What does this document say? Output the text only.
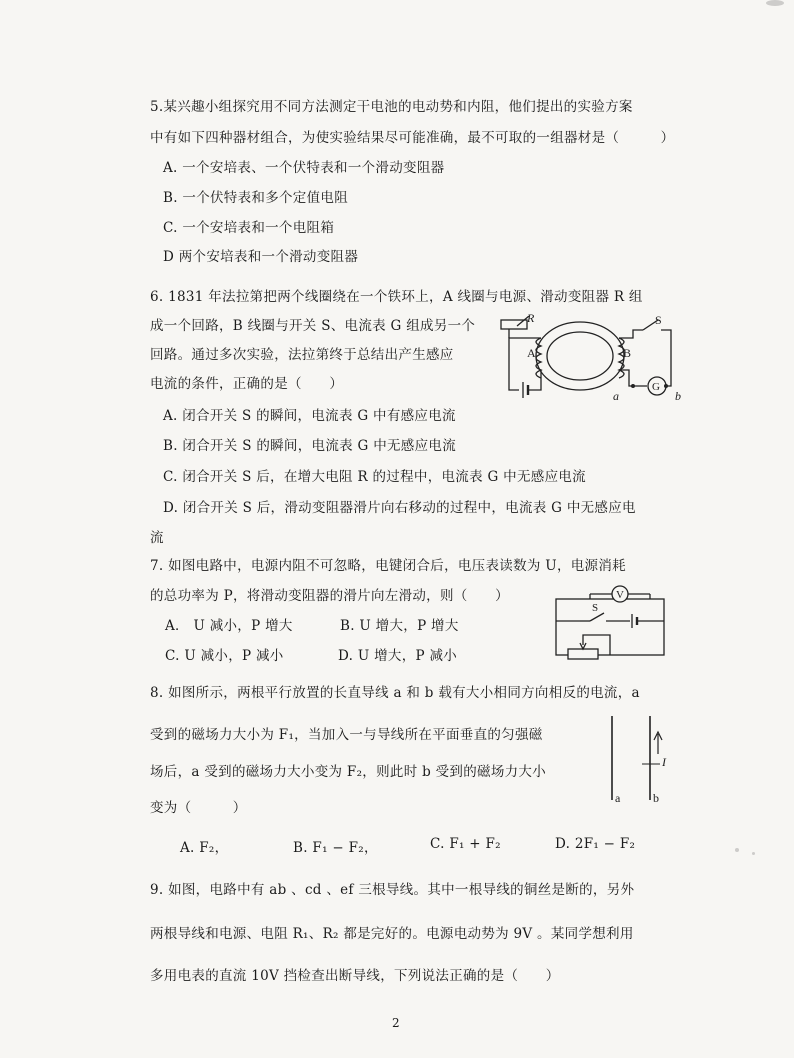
5.某兴趣小组探究用不同方法测定干电池的电动势和内阻，他们提出的实验方案
中有如下四种器材组合，为使实验结果尽可能准确，最不可取的一组器材是（　　　）
A. 一个安培表、一个伏特表和一个滑动变阻器
B. 一个伏特表和多个定值电阻
C. 一个安培表和一个电阻箱
D 两个安培表和一个滑动变阻器
6. 1831 年法拉第把两个线圈绕在一个铁环上，A 线圈与电源、滑动变阻器 R 组
成一个回路，B 线圈与开关 S、电流表 G 组成另一个
回路。通过多次实验，法拉第终于总结出产生感应
电流的条件，正确的是（　　）
A. 闭合开关 S 的瞬间，电流表 G 中有感应电流
B. 闭合开关 S 的瞬间，电流表 G 中无感应电流
C. 闭合开关 S 后，在增大电阻 R 的过程中，电流表 G 中无感应电流
D. 闭合开关 S 后，滑动变阻器滑片向右移动的过程中，电流表 G 中无感应电
流
R	S
A	B
G
a	b
7. 如图电路中，电源内阻不可忽略，电键闭合后，电压表读数为 U，电源消耗
的总功率为 P，将滑动变阻器的滑片向左滑动，则（　　）
A． U 减小，P 增大	B. U 增大，P 增大
C. U 减小，P 减小	D. U 增大，P 减小
V
S
8. 如图所示，两根平行放置的长直导线 a 和 b 载有大小相同方向相反的电流，a
受到的磁场力大小为 F₁，当加入一与导线所在平面垂直的匀强磁
场后，a 受到的磁场力大小变为 F₂，则此时 b 受到的磁场力大小
变为（　　　）
A. F₂，	B. F₁ − F₂，	C. F₁ + F₂	D. 2F₁ − F₂
a	b
I
9. 如图，电路中有 ab 、cd 、ef 三根导线。其中一根导线的铜丝是断的，另外
两根导线和电源、电阻 R₁、R₂ 都是完好的。电源电动势为 9V 。某同学想利用
多用电表的直流 10V 挡检查出断导线，下列说法正确的是（　　）
2
